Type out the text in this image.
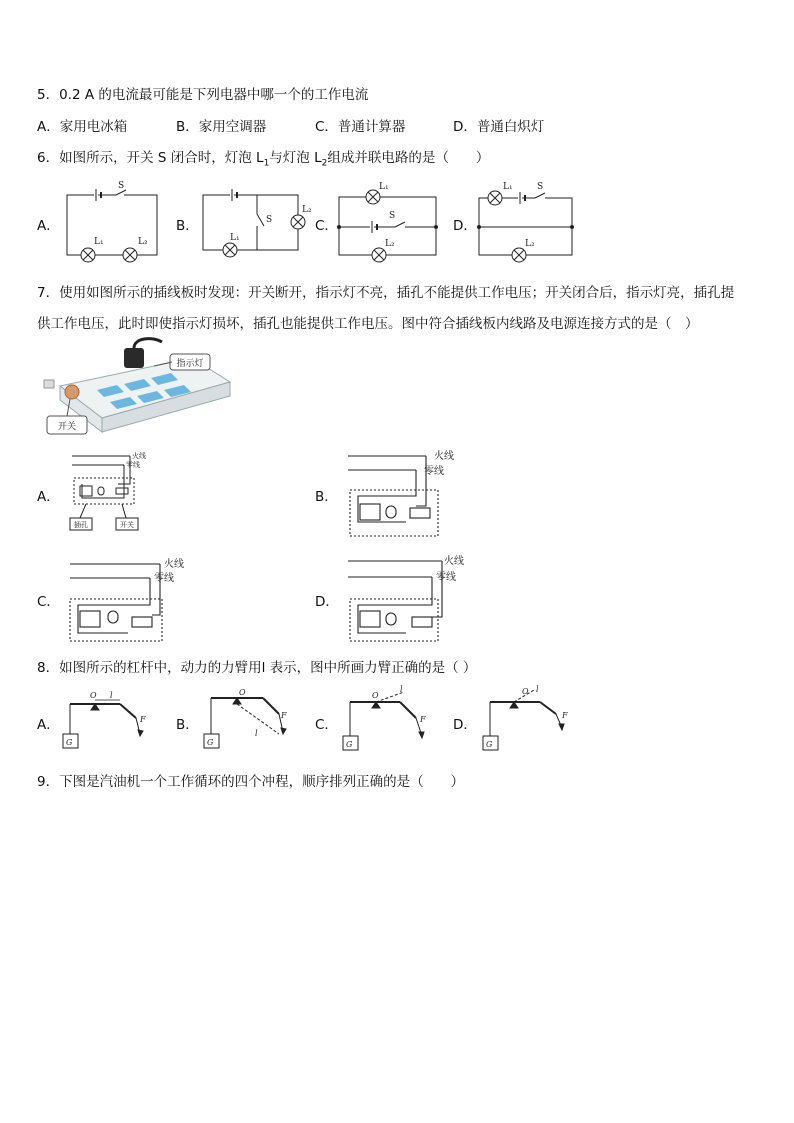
5．0.2 A 的电流最可能是下列电器中哪一个的工作电流
A．家用电冰箱	B．家用空调器	C．普通计算器	D．普通白炽灯
6．如图所示，开关 S 闭合时，灯泡 $L_1$与灯泡 $L_2$组成并联电路的是（　　）
A．	B．	C．	D．
S
L₁	L₂
S
L₁
L₂
L₁
S
L₂
L₁	S
L₂
7．使用如图所示的插线板时发现：开关断开，指示灯不亮，插孔不能提供工作电压；开关闭合后，指示灯亮，插孔提
供工作电压，此时即使指示灯损坏，插孔也能提供工作电压。图中符合插线板内线路及电源连接方式的是（　）
指示灯
开关
A．	B．
C．	D．
火线
零线
插孔	开关
火线
零线
火线
零线
火线
零线
8．如图所示的杠杆中，动力的力臂用l 表示，图中所画力臂正确的是（ ）
A．	B．	C．	D．
O l
F
G
O
l
F
G
O
l
F
G
O l
F
G
9．下图是汽油机一个工作循环的四个冲程，顺序排列正确的是（　　）
